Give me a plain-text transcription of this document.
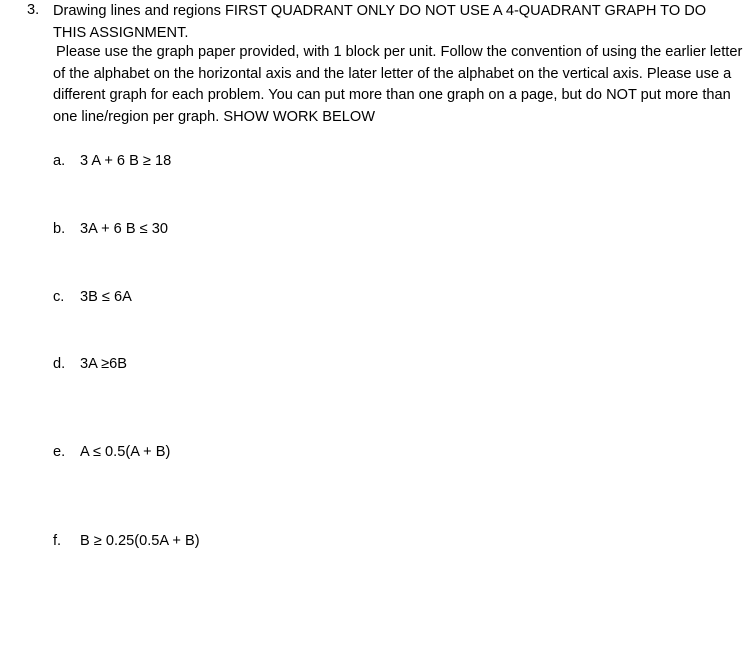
3. Drawing lines and regions FIRST QUADRANT ONLY DO NOT USE A 4-QUADRANT GRAPH TO DO THIS ASSIGNMENT.
Please use the graph paper provided, with 1 block per unit. Follow the convention of using the earlier letter of the alphabet on the horizontal axis and the later letter of the alphabet on the vertical axis. Please use a different graph for each problem. You can put more than one graph on a page, but do NOT put more than one line/region per graph. SHOW WORK BELOW
a. 3 A + 6 B ≥ 18
b. 3A + 6 B ≤ 30
c. 3B ≤ 6A
d. 3A ≥6B
e. A ≤ 0.5(A + B)
f. B ≥ 0.25(0.5A + B)
